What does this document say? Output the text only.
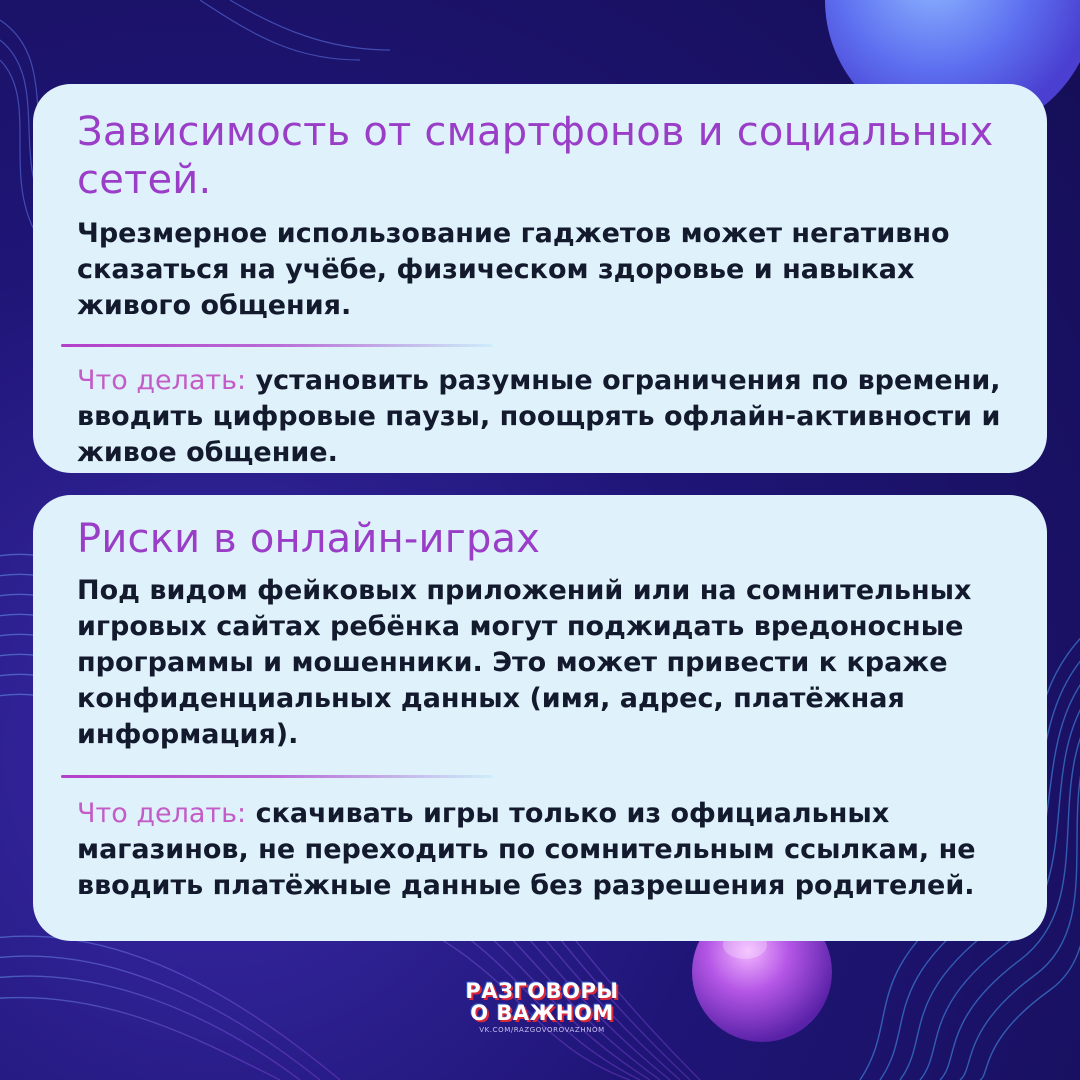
Зависимость от смартфонов и социальных сетей.

Чрезмерное использование гаджетов может негативно сказаться на учёбе, физическом здоровье и навыках живого общения.

Что делать: установить разумные ограничения по времени, вводить цифровые паузы, поощрять офлайн-активности и живое общение.

Риски в онлайн-играх

Под видом фейковых приложений или на сомнительных игровых сайтах ребёнка могут поджидать вредоносные программы и мошенники. Это может привести к краже конфиденциальных данных (имя, адрес, платёжная информация).

Что делать: скачивать игры только из официальных магазинов, не переходить по сомнительным ссылкам, не вводить платёжные данные без разрешения родителей.

РАЗГОВОРЫ
О ВАЖНОМ
VK.COM/RAZGOVOROVAZHNOM
